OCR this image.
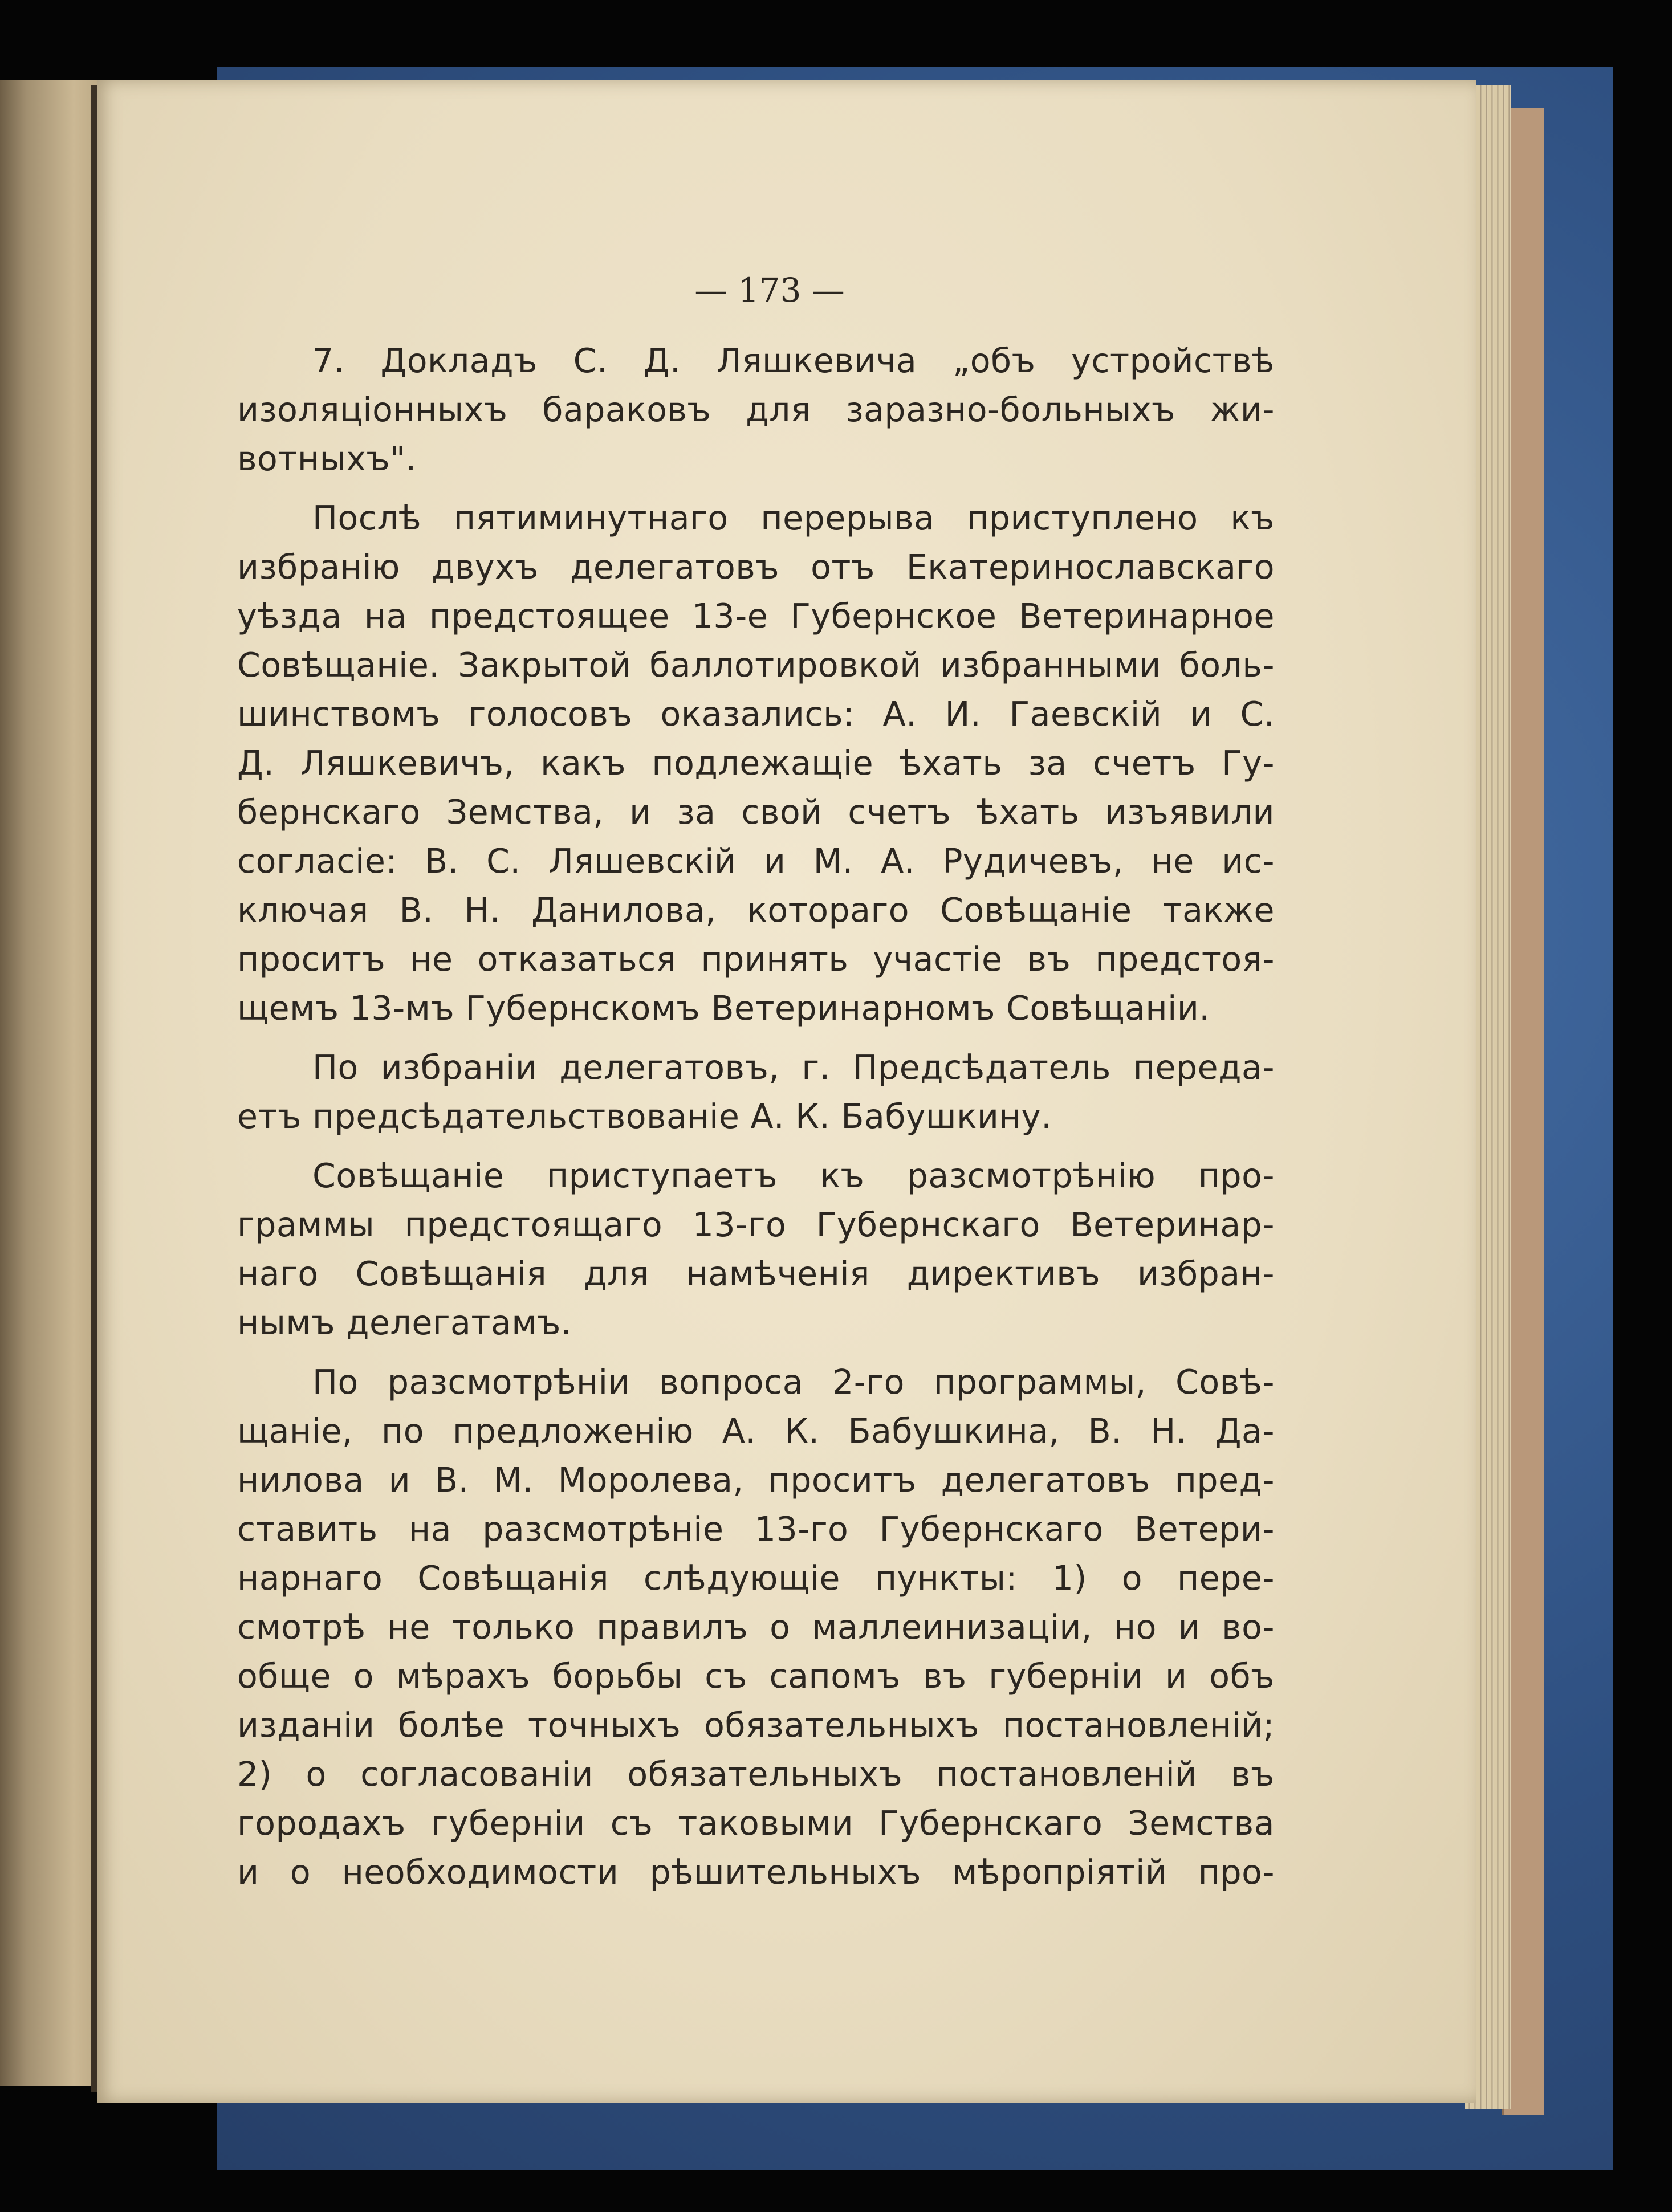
— 173 —

7. Докладъ С. Д. Ляшкевича „объ устройствѣ
изоляціонныхъ бараковъ для заразно-больныхъ жи-
вотныхъ".

Послѣ пятиминутнаго перерыва приступлено къ
избранію двухъ делегатовъ отъ Екатеринославскаго
уѣзда на предстоящее 13-е Губернское Ветеринарное
Совѣщаніе. Закрытой баллотировкой избранными боль-
шинствомъ голосовъ оказались: А. И. Гаевскій и С.
Д. Ляшкевичъ, какъ подлежащіе ѣхать за счетъ Гу-
бернскаго Земства, и за свой счетъ ѣхать изъявили
согласіе: В. С. Ляшевскій и М. А. Рудичевъ, не ис-
ключая В. Н. Данилова, котораго Совѣщаніе также
проситъ не отказаться принять участіе въ предстоя-
щемъ 13-мъ Губернскомъ Ветеринарномъ Совѣщаніи.

По избраніи делегатовъ, г. Предсѣдатель переда-
етъ предсѣдательствованіе А. К. Бабушкину.

Совѣщаніе приступаетъ къ разсмотрѣнію про-
граммы предстоящаго 13-го Губернскаго Ветеринар-
наго Совѣщанія для намѣченія директивъ избран-
нымъ делегатамъ.

По разсмотрѣніи вопроса 2-го программы, Совѣ-
щаніе, по предложенію А. К. Бабушкина, В. Н. Да-
нилова и В. М. Моролева, проситъ делегатовъ пред-
ставить на разсмотрѣніе 13-го Губернскаго Ветери-
нарнаго Совѣщанія слѣдующіе пункты: 1) о пере-
смотрѣ не только правилъ о маллеинизаціи, но и во-
обще о мѣрахъ борьбы съ сапомъ въ губерніи и объ
изданіи болѣе точныхъ обязательныхъ постановленій;
2) о согласованіи обязательныхъ постановленій въ
городахъ губерніи съ таковыми Губернскаго Земства
и о необходимости рѣшительныхъ мѣропріятій про-
